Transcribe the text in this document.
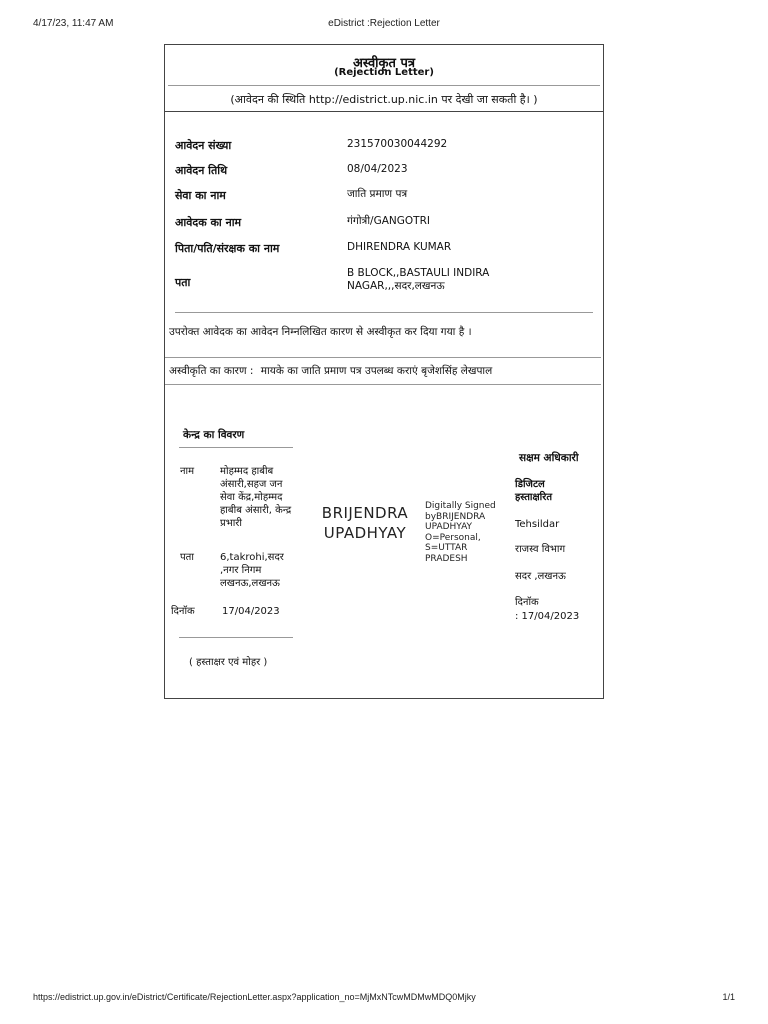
4/17/23, 11:47 AM	eDistrict :Rejection Letter
अस्वीकृत पत्र
(Rejection Letter)
(आवेदन की स्थिति http://edistrict.up.nic.in पर देखी जा सकती है। )
आवेदन संख्या	231570030044292
आवेदन तिथि	08/04/2023
सेवा का नाम	जाति प्रमाण पत्र
आवेदक का नाम	गंगोत्री/GANGOTRI
पिता/पति/संरक्षक का नाम	DHIRENDRA KUMAR
पता
B BLOCK,,BASTAULI INDIRA NAGAR,,,सदर,लखनऊ
उपरोक्त आवेदक का आवेदन निम्नलिखित कारण से अस्वीकृत कर दिया गया है ।
अस्वीकृति का कारण : मायके का जाति प्रमाण पत्र उपलब्ध कराएं बृजेशसिंह लेखपाल
केन्द्र का विवरण
नाम	मोहम्मद हाबीब अंसारी,सहज जन सेवा केंद्र,मोहम्मद हाबीब अंसारी, केन्द्र प्रभारी
पता	6,takrohi,सदर ,नगर निगम लखनऊ,लखनऊ
दिनॉक	17/04/2023
( हस्ताक्षर एवं मोहर )
BRIJENDRA UPADHYAY
Digitally Signed byBRIJENDRA UPADHYAY O=Personal, S=UTTAR PRADESH
सक्षम अधिकारी
डिजिटल हस्ताक्षरित
Tehsildar
राजस्व विभाग
सदर ,लखनऊ
दिनॉक
: 17/04/2023
https://edistrict.up.gov.in/eDistrict/Certificate/RejectionLetter.aspx?application_no=MjMxNTcwMDMwMDQ0Mjky	1/1
